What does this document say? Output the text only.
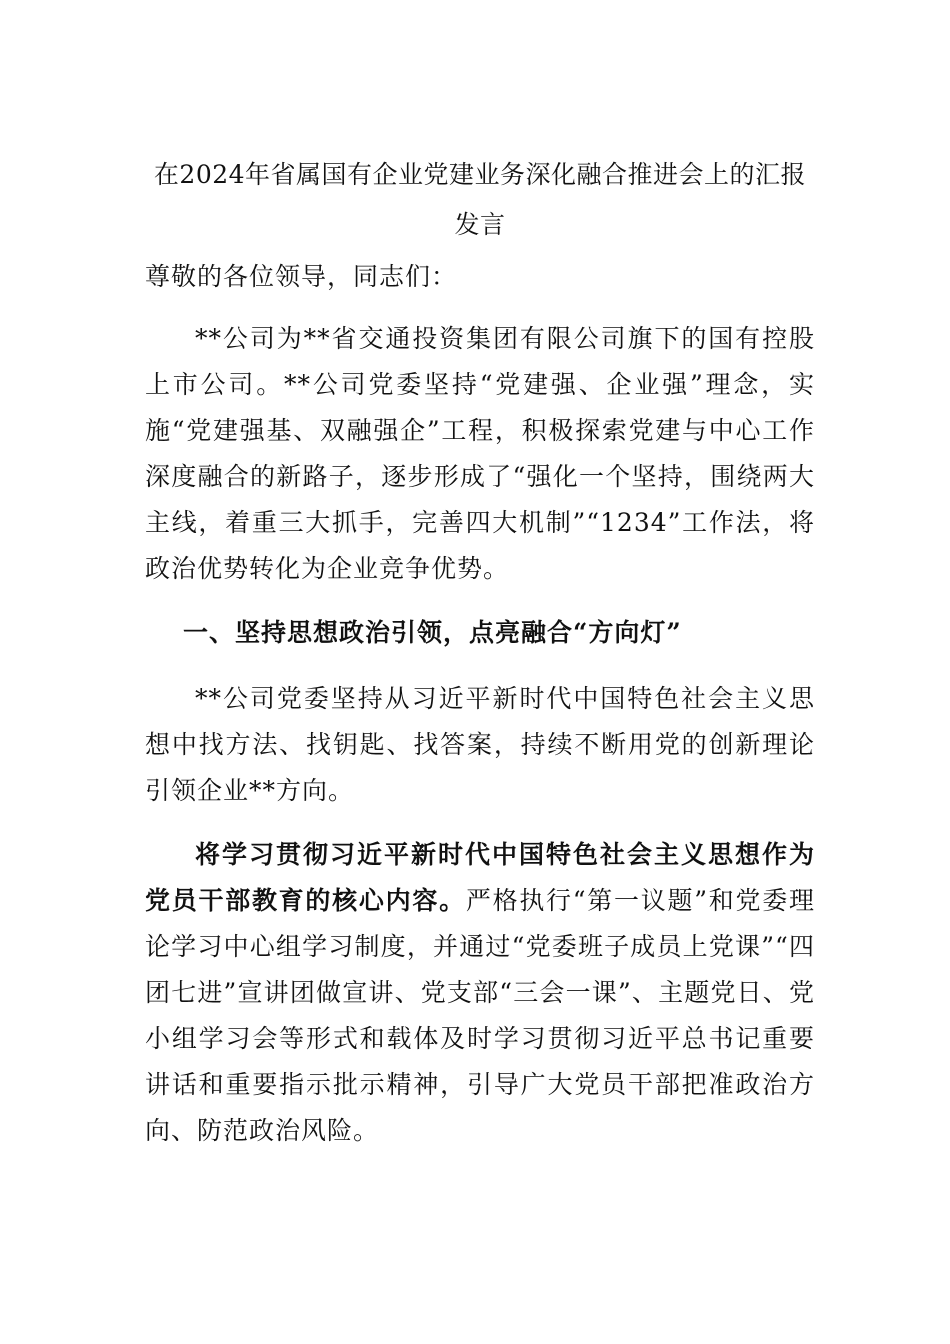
在2024年省属国有企业党建业务深化融合推进会上的汇报
发言

尊敬的各位领导，同志们：

**公司为**省交通投资集团有限公司旗下的国有控股上市公司。**公司党委坚持“党建强、企业强”理念，实施“党建强基、双融强企”工程，积极探索党建与中心工作深度融合的新路子，逐步形成了“强化一个坚持，围绕两大主线，着重三大抓手，完善四大机制”“1234”工作法，将政治优势转化为企业竞争优势。

一、坚持思想政治引领，点亮融合“方向灯”

**公司党委坚持从习近平新时代中国特色社会主义思想中找方法、找钥匙、找答案，持续不断用党的创新理论引领企业**方向。

将学习贯彻习近平新时代中国特色社会主义思想作为党员干部教育的核心内容。严格执行“第一议题”和党委理论学习中心组学习制度，并通过“党委班子成员上党课”“四团七进”宣讲团做宣讲、党支部“三会一课”、主题党日、党小组学习会等形式和载体及时学习贯彻习近平总书记重要讲话和重要指示批示精神，引导广大党员干部把准政治方向、防范政治风险。
